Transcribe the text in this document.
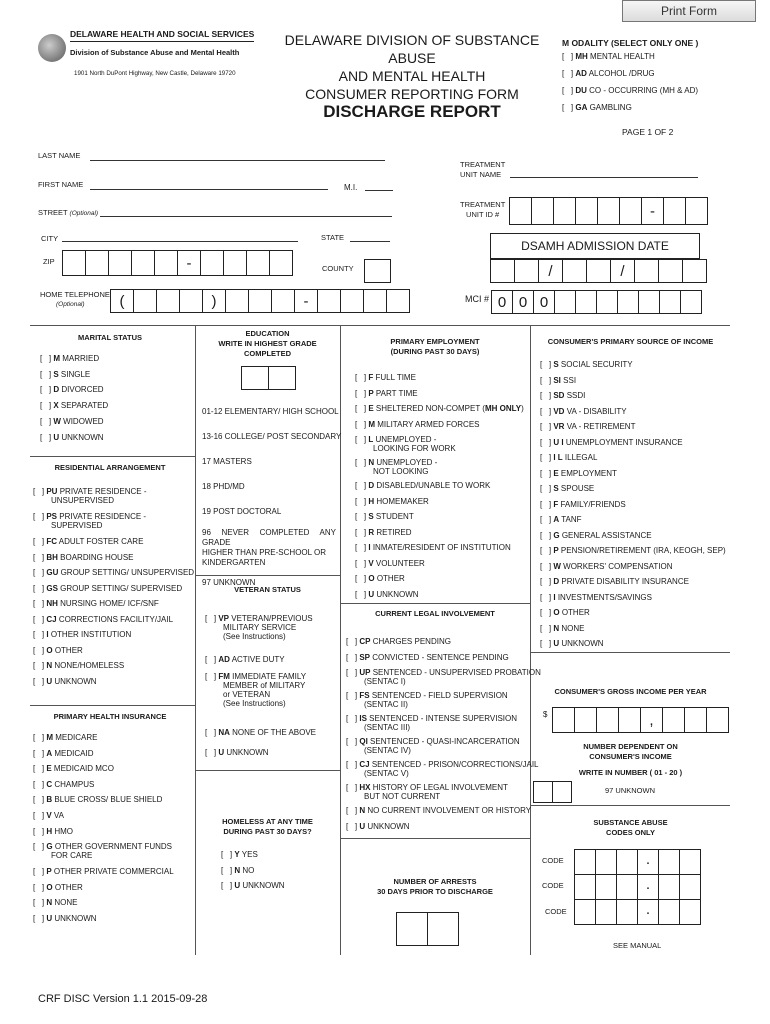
Print Form
DELAWARE HEALTH AND SOCIAL SERVICES
Division of Substance Abuse and Mental Health
1901 North DuPont Highway, New Castle, Delaware 19720
DELAWARE DIVISION OF SUBSTANCE ABUSE
AND MENTAL HEALTH
CONSUMER REPORTING FORM
DISCHARGE REPORT
M ODALITY (SELECT ONLY ONE )
[   ] MH MENTAL HEALTH
[   ] AD ALCOHOL /DRUG
[   ] DU CO - OCCURRING (MH & AD)
[   ] GA GAMBLING
PAGE 1 OF 2
LAST NAME
FIRST NAME	M.I.
STREET (Optional)
CITY	STATE
ZIP	-	COUNTY
HOME TELEPHONE
(Optional)	(	)	-
TREATMENT
UNIT NAME
TREATMENT
UNIT ID #	-
DSAMH ADMISSION DATE
/	/
MCI # 0 0 0
MARITAL STATUS
[   ] M MARRIED
[   ] S SINGLE
[   ] D DIVORCED
[   ] X SEPARATED
[   ] W WIDOWED
[   ] U UNKNOWN
RESIDENTIAL ARRANGEMENT
[   ] PU PRIVATE RESIDENCE -
UNSUPERVISED
[   ] PS PRIVATE RESIDENCE -
SUPERVISED
[   ] FC ADULT FOSTER CARE
[   ] BH BOARDING HOUSE
[   ] GU GROUP SETTING/ UNSUPERVISED
[   ] GS GROUP SETTING/ SUPERVISED
[   ] NH NURSING HOME/ ICF/SNF
[   ] CJ CORRECTIONS FACILITY/JAIL
[   ] I OTHER INSTITUTION
[   ] O OTHER
[   ] N NONE/HOMELESS
[   ] U UNKNOWN
PRIMARY HEALTH INSURANCE
[   ] M MEDICARE
[   ] A MEDICAID
[   ] E MEDICAID MCO
[   ] C CHAMPUS
[   ] B BLUE CROSS/ BLUE SHIELD
[   ] V VA
[   ] H HMO
[   ] G OTHER GOVERNMENT FUNDS
FOR CARE
[   ] P OTHER PRIVATE COMMERCIAL
[   ] O OTHER
[   ] N NONE
[   ] U UNKNOWN
EDUCATION
WRITE IN HIGHEST GRADE
COMPLETED
01-12 ELEMENTARY/ HIGH SCHOOL
13-16 COLLEGE/ POST SECONDARY
17 MASTERS
18 PHD/MD
19 POST DOCTORAL
96 NEVER COMPLETED ANY GRADE
HIGHER THAN PRE-SCHOOL OR
KINDERGARTEN
97 UNKNOWN
VETERAN STATUS
[   ] VP VETERAN/PREVIOUS
MILITARY SERVICE
(See Instructions)
[   ] AD ACTIVE DUTY
[   ] FM IMMEDIATE FAMILY
MEMBER of MILITARY
or VETERAN
(See Instructions)
[   ] NA NONE OF THE ABOVE
[   ] U UNKNOWN
HOMELESS AT ANY TIME
DURING PAST 30 DAYS?
[   ] Y YES
[   ] N NO
[   ] U UNKNOWN
PRIMARY EMPLOYMENT
(DURING PAST 30 DAYS)
[   ] F FULL TIME
[   ] P PART TIME
[   ] E SHELTERED NON-COMPET (MH ONLY)
[   ] M MILITARY ARMED FORCES
[   ] L UNEMPLOYED -
LOOKING FOR WORK
[   ] N UNEMPLOYED -
NOT LOOKING
[   ] D DISABLED/UNABLE TO WORK
[   ] H HOMEMAKER
[   ] S STUDENT
[   ] R RETIRED
[   ] I INMATE/RESIDENT OF INSTITUTION
[   ] V VOLUNTEER
[   ] O OTHER
[   ] U UNKNOWN
CURRENT LEGAL INVOLVEMENT
[   ] CP CHARGES PENDING
[   ] SP CONVICTED - SENTENCE PENDING
[   ] UP SENTENCED - UNSUPERVISED PROBATION
(SENTAC I)
[   ] FS SENTENCED - FIELD SUPERVISION
(SENTAC II)
[   ] IS SENTENCED - INTENSE SUPERVISION
(SENTAC III)
[   ] QI SENTENCED - QUASI-INCARCERATION
(SENTAC IV)
[   ] CJ SENTENCED - PRISON/CORRECTIONS/JAIL
(SENTAC V)
[   ] HX HISTORY OF LEGAL INVOLVEMENT
BUT NOT CURRENT
[   ] N NO CURRENT INVOLVEMENT OR HISTORY
[   ] U UNKNOWN
NUMBER OF ARRESTS
30 DAYS PRIOR TO DISCHARGE
CONSUMER'S PRIMARY SOURCE OF INCOME
[   ] S SOCIAL SECURITY
[   ] SI SSI
[   ] SD SSDI
[   ] VD VA - DISABILITY
[   ] VR VA - RETIREMENT
[   ] U I UNEMPLOYMENT INSURANCE
[   ] I L ILLEGAL
[   ] E EMPLOYMENT
[   ] S SPOUSE
[   ] F FAMILY/FRIENDS
[   ] A TANF
[   ] G GENERAL ASSISTANCE
[   ] P PENSION/RETIREMENT (IRA, KEOGH, SEP)
[   ] W WORKERS' COMPENSATION
[   ] D PRIVATE DISABILITY INSURANCE
[   ] I INVESTMENTS/SAVINGS
[   ] O OTHER
[   ] N NONE
[   ] U UNKNOWN
CONSUMER'S GROSS INCOME PER YEAR
$	,
NUMBER DEPENDENT ON
CONSUMER'S INCOME
WRITE IN NUMBER ( 01 - 20 )
97 UNKNOWN
SUBSTANCE ABUSE
CODES ONLY
CODE	·
CODE	·
CODE	·
SEE MANUAL
CRF DISC Version 1.1 2015-09-28
